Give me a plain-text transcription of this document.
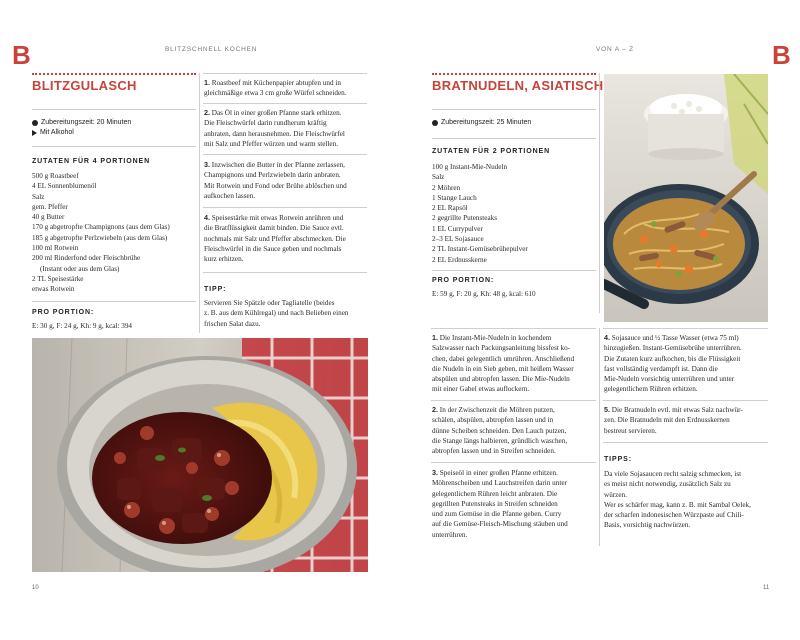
B	BLITZSCHNELL KOCHEN
10
BLITZGULASCH
Zubereitungszeit: 20 Minuten
Mit Alkohol
ZUTATEN FÜR 4 PORTIONEN
500 g Roastbeef
4 EL Sonnenblumenöl
Salz
gem. Pfeffer
40 g Butter
170 g abgetropfte Champignons (aus dem Glas)
185 g abgetropfte Perlzwiebeln (aus dem Glas)
100 ml Rotwein
200 ml Rinderfond oder Fleischbrühe
(Instant oder aus dem Glas)
2 TL Speisestärke
etwas Rotwein
PRO PORTION:
E: 30 g, F: 24 g, Kh: 9 g, kcal: 394
1. Roastbeef mit Küchenpapier abtupfen und in
gleichmäßige etwa 3 cm große Würfel schneiden.
2. Das Öl in einer großen Pfanne stark erhitzen.
Die Fleischwürfel darin rundherum kräftig
anbraten, dann herausnehmen. Die Fleischwürfel
mit Salz und Pfeffer würzen und warm stellen.
3. Inzwischen die Butter in der Pfanne zerlassen,
Champignons und Perlzwiebeln darin anbraten.
Mit Rotwein und Fond oder Brühe ablöschen und
aufkochen lassen.
4. Speisestärke mit etwas Rotwein anrühren und
die Bratflüssigkeit damit binden. Die Sauce evtl.
nochmals mit Salz und Pfeffer abschmecken. Die
Fleischwürfel in die Sauce geben und nochmals
kurz erhitzen.
TIPP:
Servieren Sie Spätzle oder Tagliatelle (beides
z. B. aus dem Kühlregal) und nach Belieben einen
frischen Salat dazu.
B
VON A – Z
11
BRATNUDELN, ASIATISCH
Zubereitungszeit: 25 Minuten
ZUTATEN FÜR 2 PORTIONEN
100 g Instant-Mie-Nudeln
Salz
2 Möhren
1 Stange Lauch
2 EL Rapsöl
2 gegrillte Putensteaks
1 EL Currypulver
2–3 EL Sojasauce
2 TL Instant-Gemüsebrühepulver
2 EL Erdnusskerne
PRO PORTION:
E: 59 g, F: 20 g, Kh: 48 g, kcal: 610
1. Die Instant-Mie-Nudeln in kochendem
Salzwasser nach Packungsanleitung bissfest ko-
chen, dabei gelegentlich umrühren. Anschließend
die Nudeln in ein Sieb geben, mit heißem Wasser
abspülen und abtropfen lassen. Die Mie-Nudeln
mit einer Gabel etwas auflockern.
2. In der Zwischenzeit die Möhren putzen,
schälen, abspülen, abtropfen lassen und in
dünne Scheiben schneiden. Den Lauch putzen,
die Stange längs halbieren, gründlich waschen,
abtropfen lassen und in Streifen schneiden.
3. Speiseöl in einer großen Pfanne erhitzen.
Möhrenscheiben und Lauchstreifen darin unter
gelegentlichem Rühren leicht anbraten. Die
gegrillten Putensteaks in Streifen schneiden
und zum Gemüse in die Pfanne geben. Curry
auf die Gemüse-Fleisch-Mischung stäuben und
unterrühren.
4. Sojasauce und ½ Tasse Wasser (etwa 75 ml)
hinzugießen. Instant-Gemüsebrühe unterrühren.
Die Zutaten kurz aufkochen, bis die Flüssigkeit
fast vollständig verdampft ist. Dann die
Mie-Nudeln vorsichtig unterrühren und unter
gelegentlichem Rühren erhitzen.
5. Die Bratnudeln evtl. mit etwas Salz nachwür-
zen. Die Bratnudeln mit den Erdnusskernen
bestreut servieren.
TIPPS:
Da viele Sojasaucen recht salzig schmecken, ist
es meist nicht notwendig, zusätzlich Salz zu
würzen.
Wer es schärfer mag, kann z. B. mit Sambal Oelek,
der scharfen indonesischen Würzpaste auf Chili-
Basis, vorsichtig nachwürzen.
